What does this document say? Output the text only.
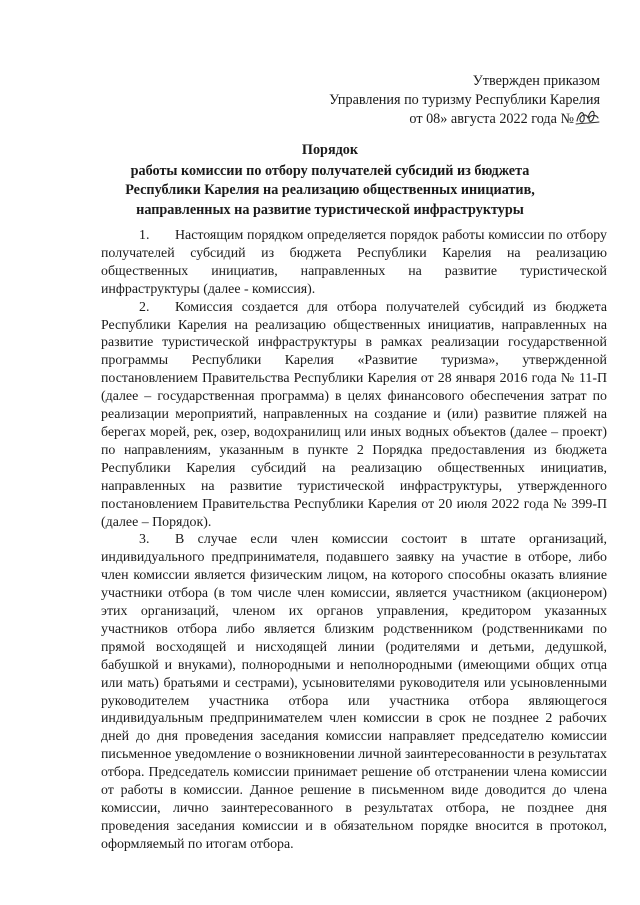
Утвержден приказом
Управления по туризму Республики Карелия
от 08» августа 2022 года №
Порядок
работы комиссии по отбору получателей субсидий из бюджета Республики Карелия на реализацию общественных инициатив, направленных на развитие туристической инфраструктуры

1. Настоящим порядком определяется порядок работы комиссии по отбору получателей субсидий из бюджета Республики Карелия на реализацию общественных инициатив, направленных на развитие туристической инфраструктуры (далее - комиссия).

2. Комиссия создается для отбора получателей субсидий из бюджета Республики Карелия на реализацию общественных инициатив, направленных на развитие туристической инфраструктуры в рамках реализации государственной программы Республики Карелия «Развитие туризма», утвержденной постановлением Правительства Республики Карелия от 28 января 2016 года № 11-П (далее – государственная программа) в целях финансового обеспечения затрат по реализации мероприятий, направленных на создание и (или) развитие пляжей на берегах морей, рек, озер, водохранилищ или иных водных объектов (далее – проект) по направлениям, указанным в пункте 2 Порядка предоставления из бюджета Республики Карелия субсидий на реализацию общественных инициатив, направленных на развитие туристической инфраструктуры, утвержденного постановлением Правительства Республики Карелия от 20 июля 2022 года № 399-П (далее – Порядок).

3. В случае если член комиссии состоит в штате организаций, индивидуального предпринимателя, подавшего заявку на участие в отборе, либо член комиссии является физическим лицом, на которого способны оказать влияние участники отбора (в том числе член комиссии, является участником (акционером) этих организаций, членом их органов управления, кредитором указанных участников отбора либо является близким родственником (родственниками по прямой восходящей и нисходящей линии (родителями и детьми, дедушкой, бабушкой и внуками), полнородными и неполнородными (имеющими общих отца или мать) братьями и сестрами), усыновителями руководителя или усыновленными руководителем участника отбора или участника отбора являющегося индивидуальным предпринимателем член комиссии в срок не позднее 2 рабочих дней до дня проведения заседания комиссии направляет председателю комиссии письменное уведомление о возникновении личной заинтересованности в результатах отбора. Председатель комиссии принимает решение об отстранении члена комиссии от работы в комиссии. Данное решение в письменном виде доводится до члена комиссии, лично заинтересованного в результатах отбора, не позднее дня проведения заседания комиссии и в обязательном порядке вносится в протокол, оформляемый по итогам отбора.
